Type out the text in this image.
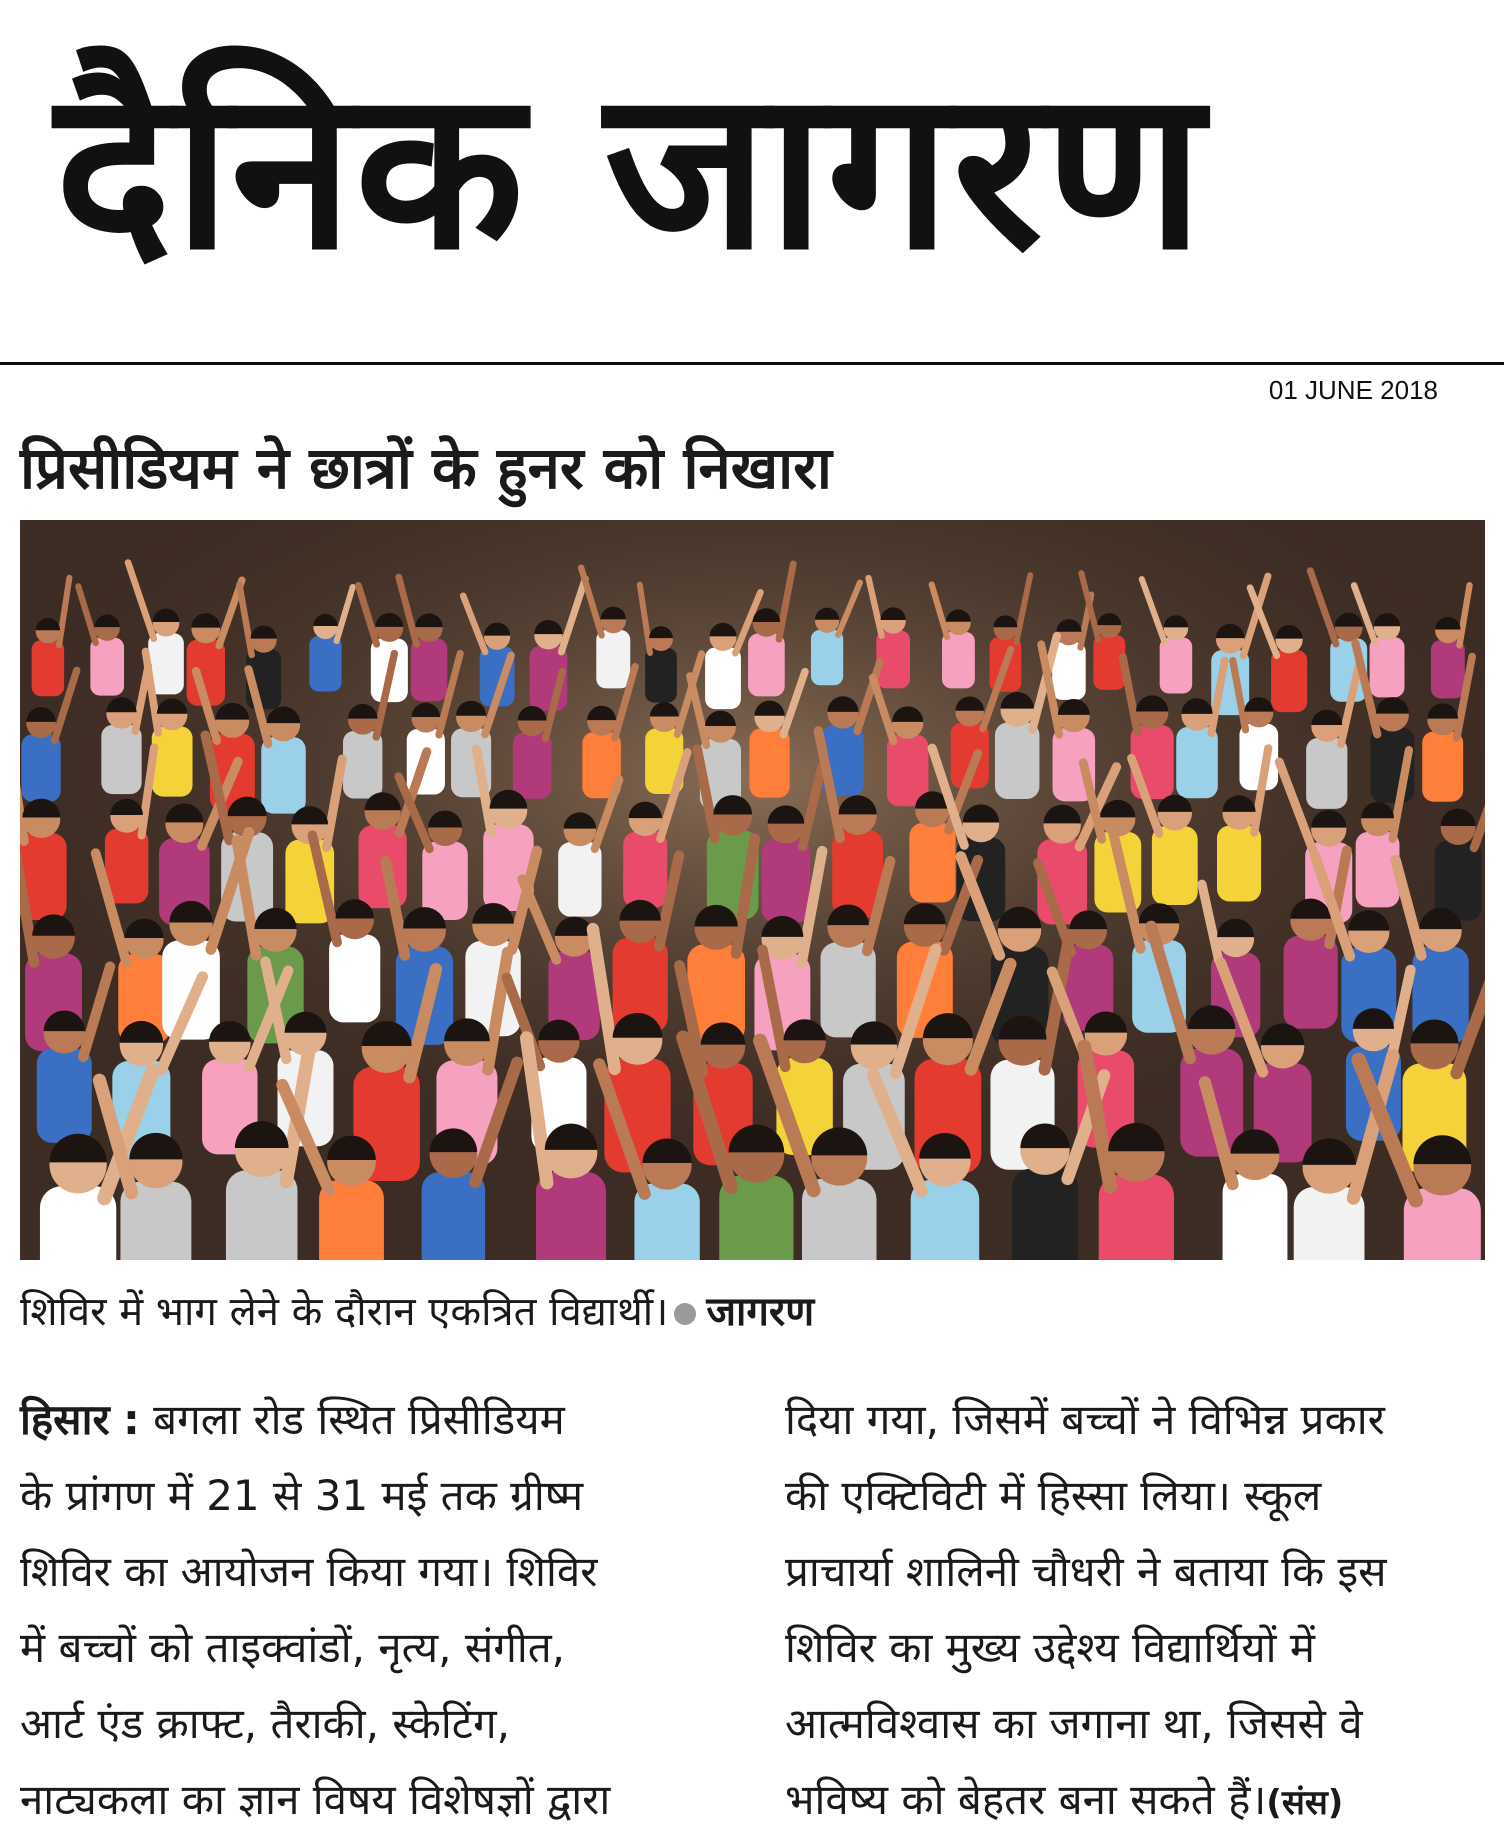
दैनिक जागरण
01 JUNE 2018
प्रिसीडियम ने छात्रों के हुनर को निखारा
शिविर में भाग लेने के दौरान एकत्रित विद्यार्थी। जागरण

हिसार : बगला रोड स्थित प्रिसीडियम

के प्रांगण में 21 से 31 मई तक ग्रीष्म

शिविर का आयोजन किया गया। शिविर

में बच्चों को ताइक्वांडों, नृत्य, संगीत,

आर्ट एंड क्राफ्ट, तैराकी, स्केटिंग,

नाट्यकला का ज्ञान विषय विशेषज्ञों द्वारा

दिया गया, जिसमें बच्चों ने विभिन्न प्रकार

की एक्टिविटी में हिस्सा लिया। स्कूल

प्राचार्या शालिनी चौधरी ने बताया कि इस

शिविर का मुख्य उद्देश्य विद्यार्थियों में

आत्मविश्वास का जगाना था, जिससे वे

भविष्य को बेहतर बना सकते हैं।(संस)
